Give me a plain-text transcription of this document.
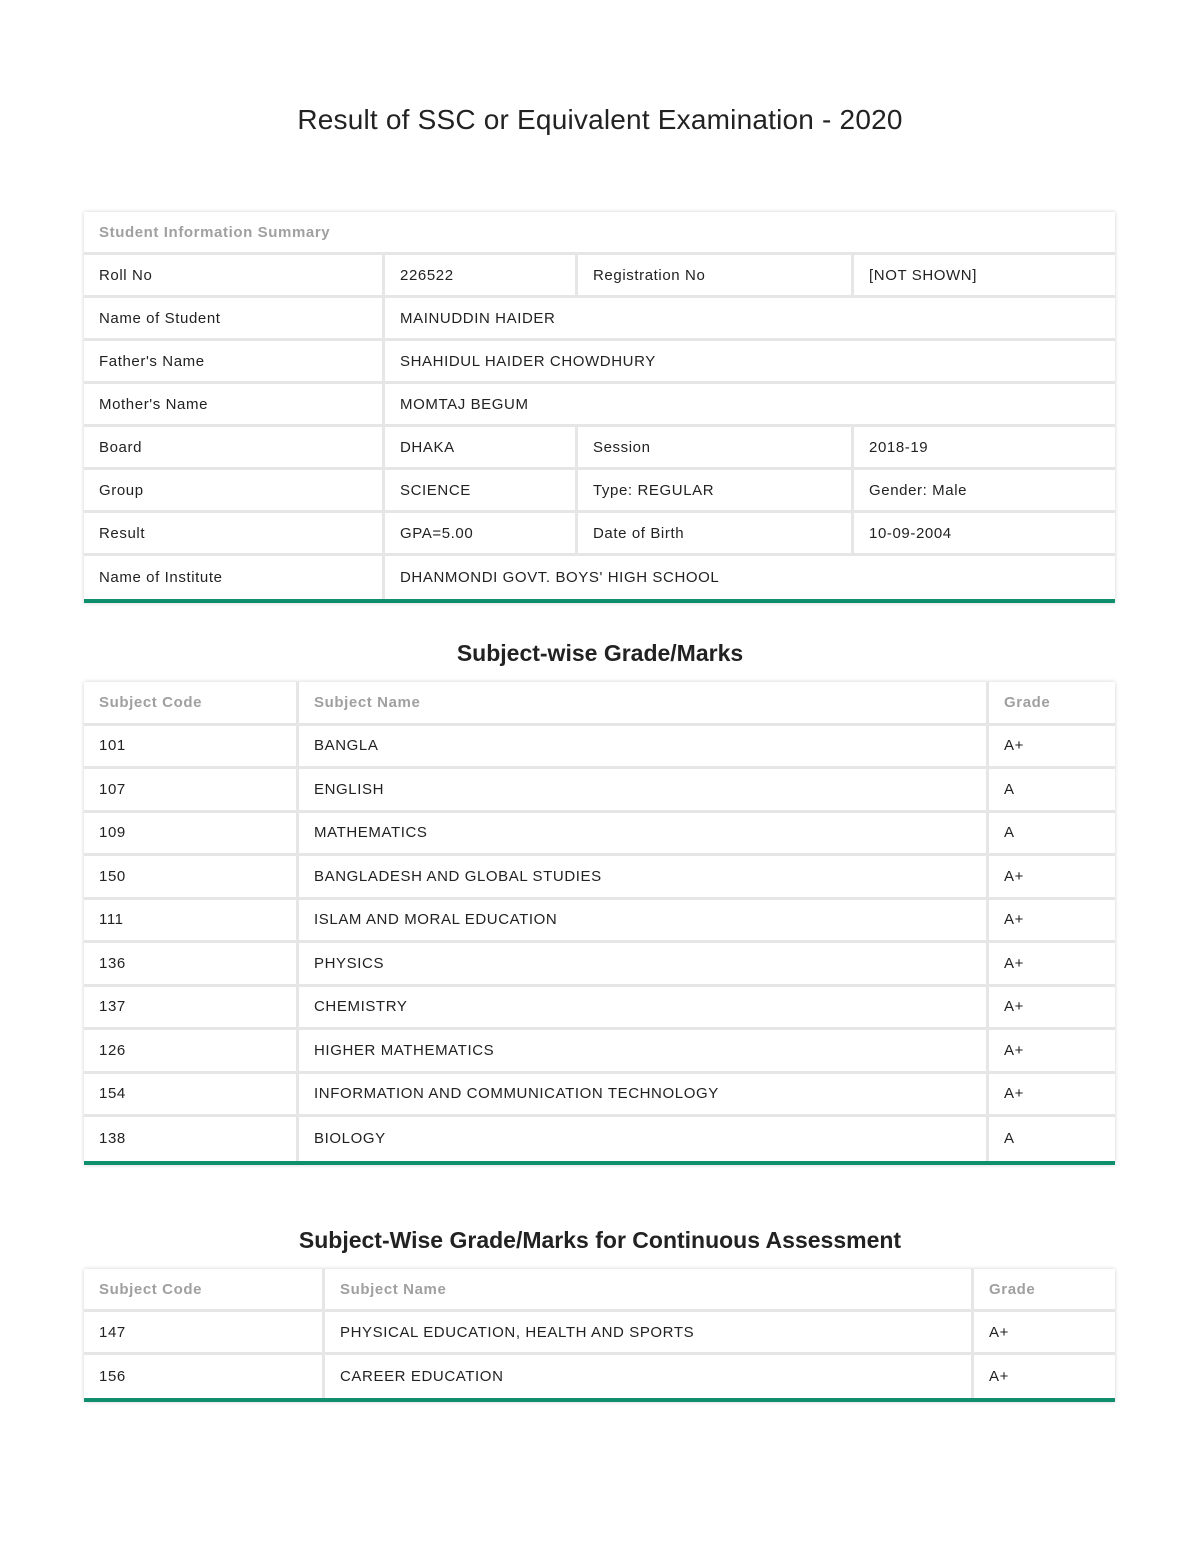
Result of SSC or Equivalent Examination - 2020
Student Information Summary			
Roll No	226522	Registration No	[NOT SHOWN]
Name of Student	MAINUDDIN HAIDER		
Father's Name	SHAHIDUL HAIDER CHOWDHURY		
Mother's Name	MOMTAJ BEGUM		
Board	DHAKA	Session	2018-19
Group	SCIENCE	Type: REGULAR	Gender: Male
Result	GPA=5.00	Date of Birth	10-09-2004
Name of Institute	DHANMONDI GOVT. BOYS' HIGH SCHOOL		
Subject-wise Grade/Marks
Subject Code	Subject Name	Grade
101	BANGLA	A+
107	ENGLISH	A
109	MATHEMATICS	A
150	BANGLADESH AND GLOBAL STUDIES	A+
111	ISLAM AND MORAL EDUCATION	A+
136	PHYSICS	A+
137	CHEMISTRY	A+
126	HIGHER MATHEMATICS	A+
154	INFORMATION AND COMMUNICATION TECHNOLOGY	A+
138	BIOLOGY	A
Subject-Wise Grade/Marks for Continuous Assessment
Subject Code	Subject Name	Grade
147	PHYSICAL EDUCATION, HEALTH AND SPORTS	A+
156	CAREER EDUCATION	A+
